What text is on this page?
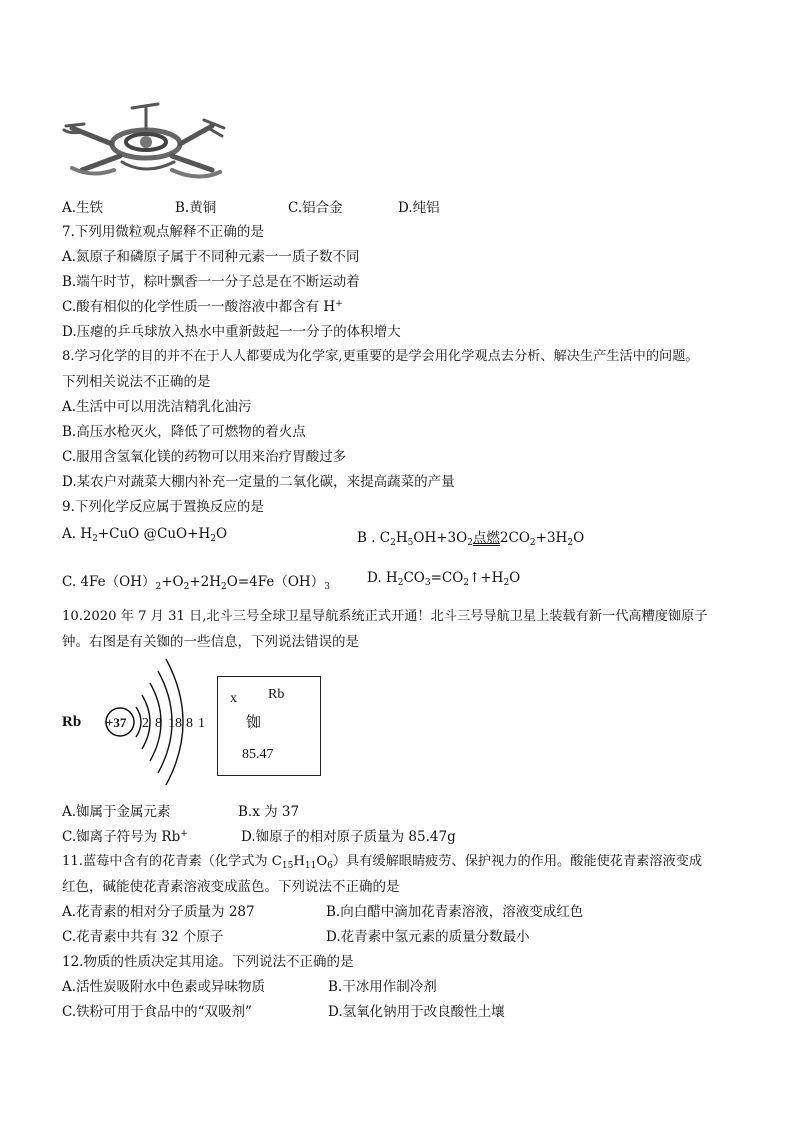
A.生铁	B.黄铜	C.铝合金	D.纯铝
7.下列用微粒观点解释不正确的是
A.氮原子和磷原子属于不同种元素一一质子数不同
B.端午时节，粽叶飘香一一分子总是在不断运动着
C.酸有相似的化学性质一一酸溶液中都含有 H+
D.压瘪的乒乓球放入热水中重新鼓起一一分子的体积增大
8.学习化学的目的并不在于人人都要成为化学家,更重要的是学会用化学观点去分析、解决生产生活中的问题。
下列相关说法不正确的是
A.生活中可以用洗洁精乳化油污
B.高压水枪灭火，降低了可燃物的着火点
C.服用含氢氧化镁的药物可以用来治疗胃酸过多
D.某农户对蔬菜大棚内补充一定量的二氧化碳，来提高蔬菜的产量
9.下列化学反应属于置换反应的是
A. $H_2+CuO$ $@CuO+H_2O$	B . $C_2H_5OH+3O_2$点燃$2CO_2+3H_2O$
C. $4Fe(OH)_2+O_2+2H_2O=4Fe(OH)_3$
D. $H_2CO_3=CO_2↑+H_2O$
10.2020 年 7 月 31 日,北斗三号全球卫星导航系统正式开通！北斗三号导航卫星上装载有新一代高糟度铷原子
钟。右图是有关铷的一些信息，下列说法错误的是
Rb +37 2 8 18 8 1
x Rb
铷
85.47
A.铷属于金属元素	B.x 为 37
C.铷离子符号为 Rb+	D.铷原子的相对原子质量为 85.47g
11.蓝莓中含有的花青素（化学式为 $C_{15}H_{11}O_6$）具有缓解眼睛疲劳、保护视力的作用。酸能使花青素溶液变成
红色，碱能使花青素溶液变成蓝色。下列说法不正确的是
A.花青素的相对分子质量为 287	B.向白醋中滴加花青素溶液，溶液变成红色
C.花青素中共有 32 个原子	D.花青素中氢元素的质量分数最小
12.物质的性质决定其用途。下列说法不正确的是
A.活性炭吸附水中色素或异味物质	B.干冰用作制冷剂
C.铁粉可用于食品中的“双吸剂”	D.氢氧化钠用于改良酸性土壤
